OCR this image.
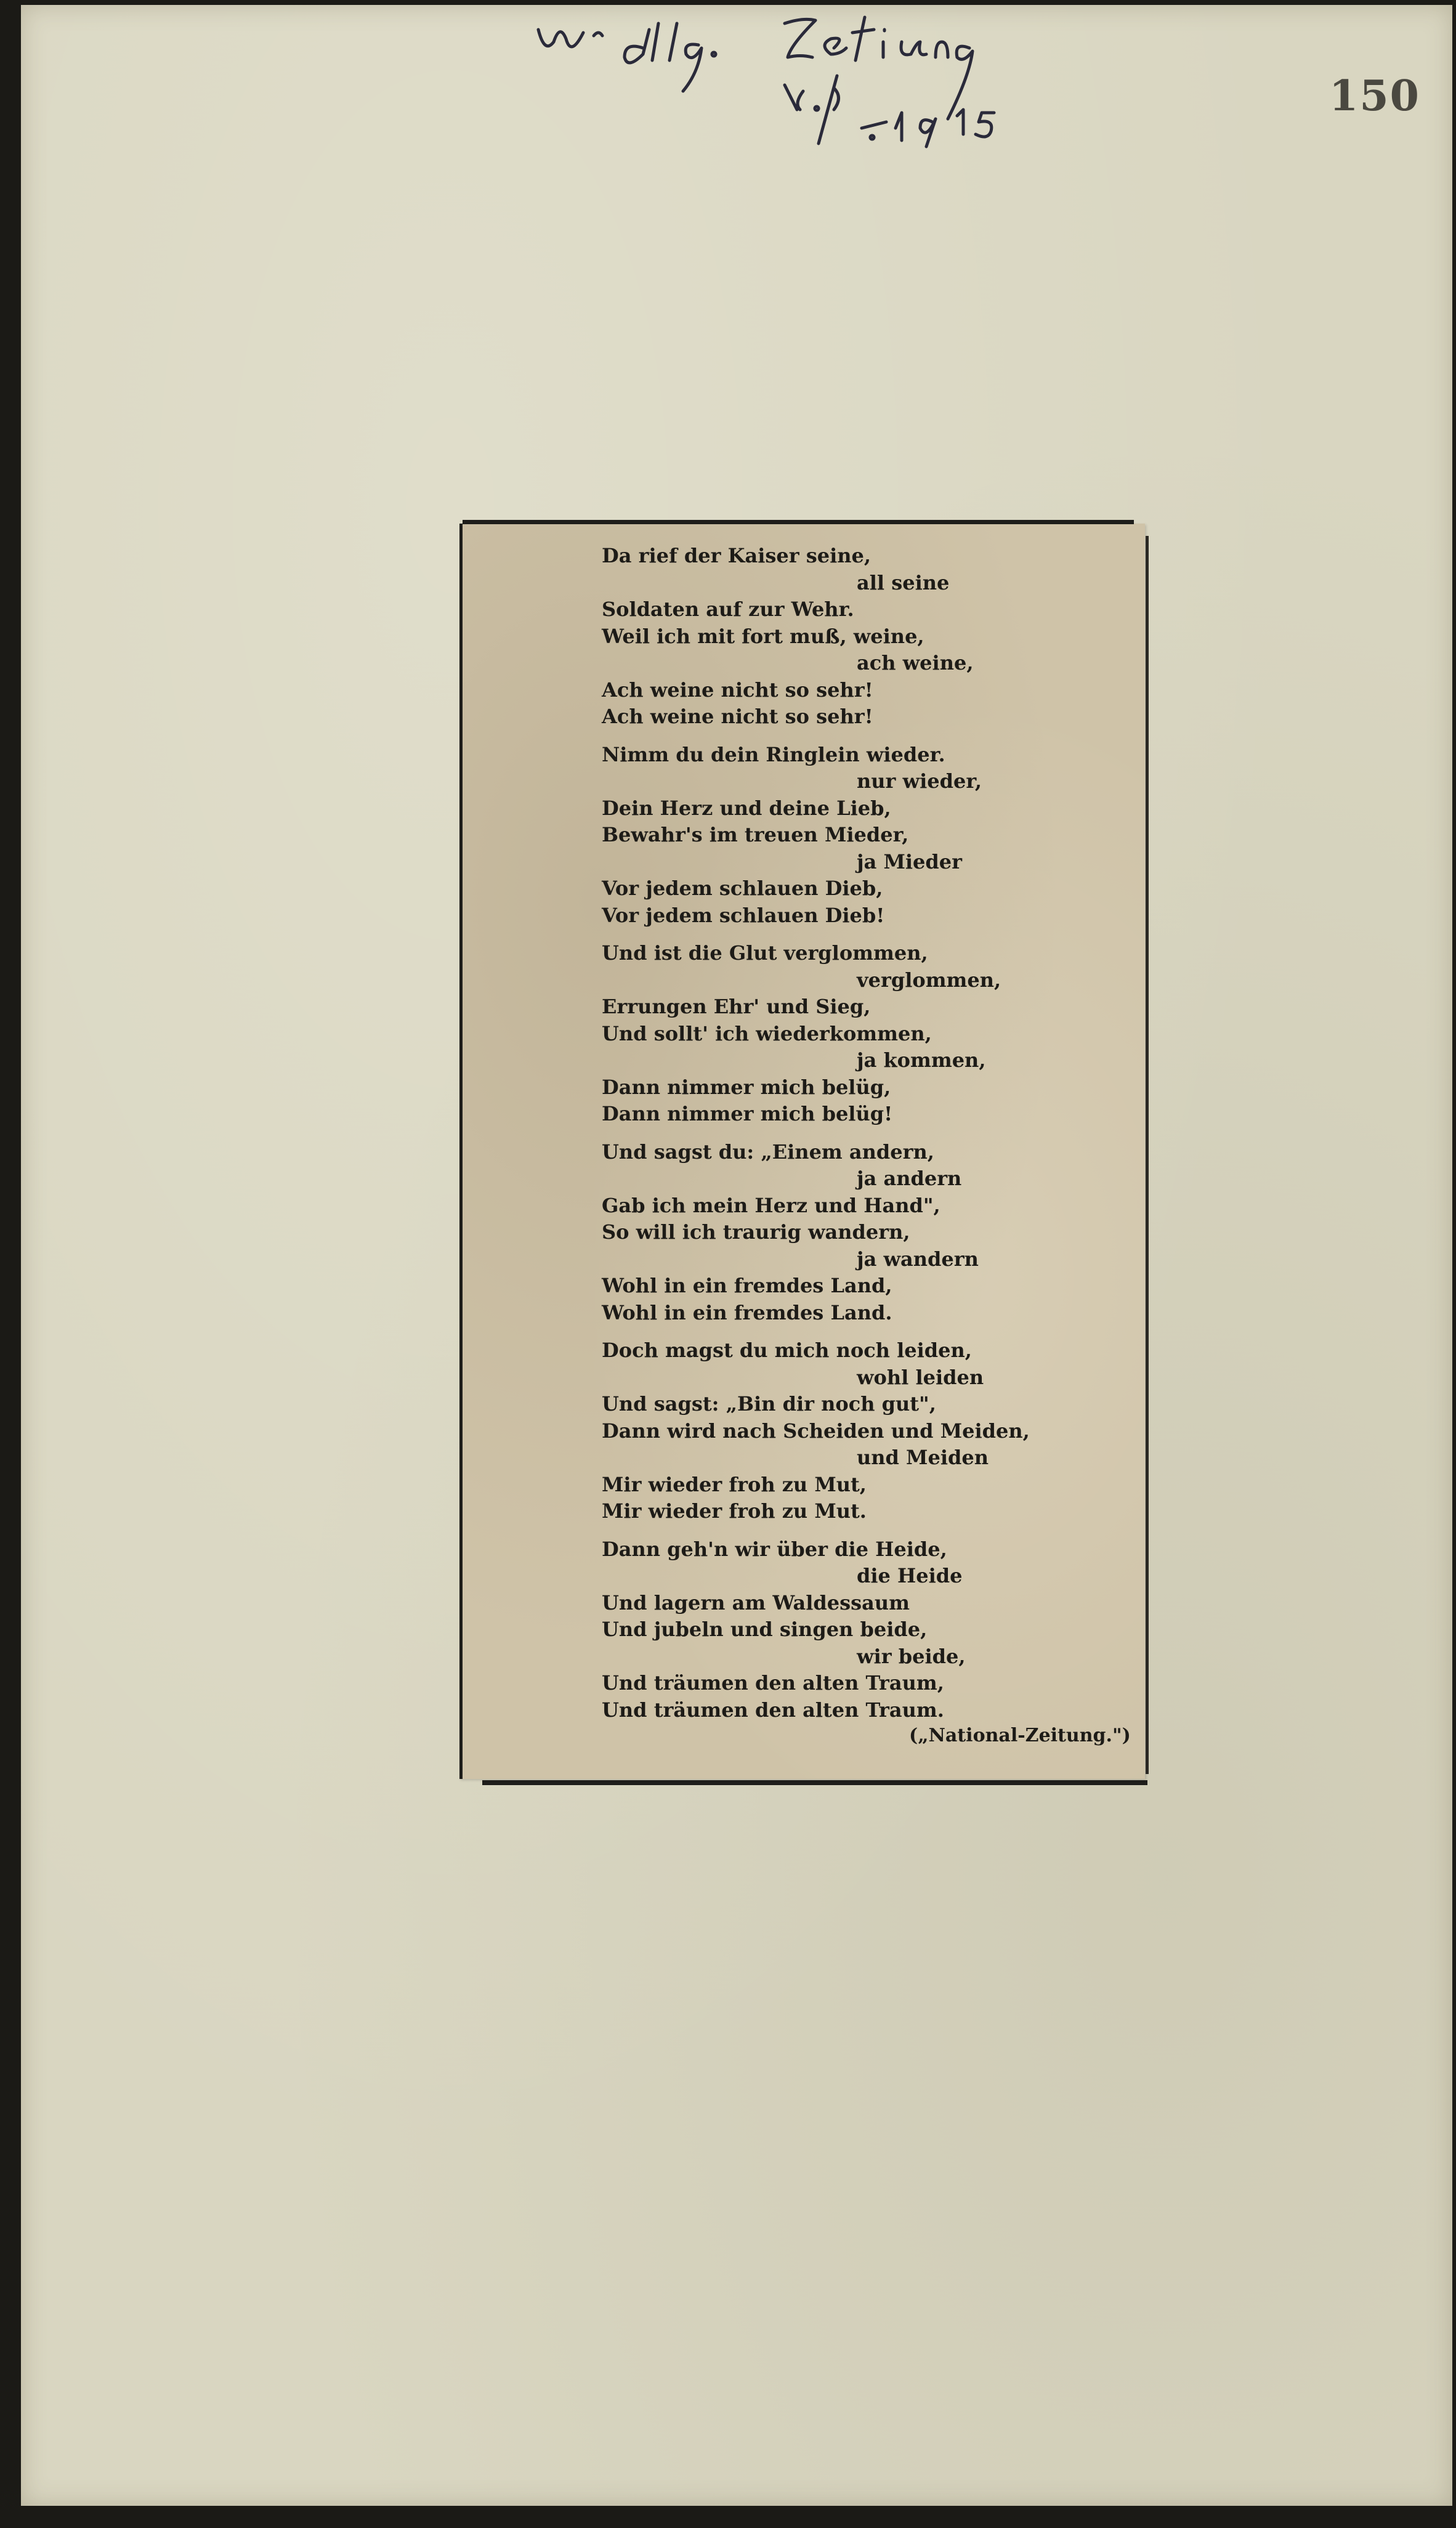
150
Da rief der Kaiser seine,
all seine
Soldaten auf zur Wehr.
Weil ich mit fort muß, weine,
ach weine,
Ach weine nicht so sehr!
Ach weine nicht so sehr!
Nimm du dein Ringlein wieder.
nur wieder,
Dein Herz und deine Lieb,
Bewahr's im treuen Mieder,
ja Mieder
Vor jedem schlauen Dieb,
Vor jedem schlauen Dieb!
Und ist die Glut verglommen,
verglommen,
Errungen Ehr' und Sieg,
Und sollt' ich wiederkommen,
ja kommen,
Dann nimmer mich belüg,
Dann nimmer mich belüg!
Und sagst du: „Einem andern,
ja andern
Gab ich mein Herz und Hand",
So will ich traurig wandern,
ja wandern
Wohl in ein fremdes Land,
Wohl in ein fremdes Land.
Doch magst du mich noch leiden,
wohl leiden
Und sagst: „Bin dir noch gut",
Dann wird nach Scheiden und Meiden,
und Meiden
Mir wieder froh zu Mut,
Mir wieder froh zu Mut.
Dann geh'n wir über die Heide,
die Heide
Und lagern am Waldessaum
Und jubeln und singen beide,
wir beide,
Und träumen den alten Traum,
Und träumen den alten Traum.
(„National-Zeitung.")
